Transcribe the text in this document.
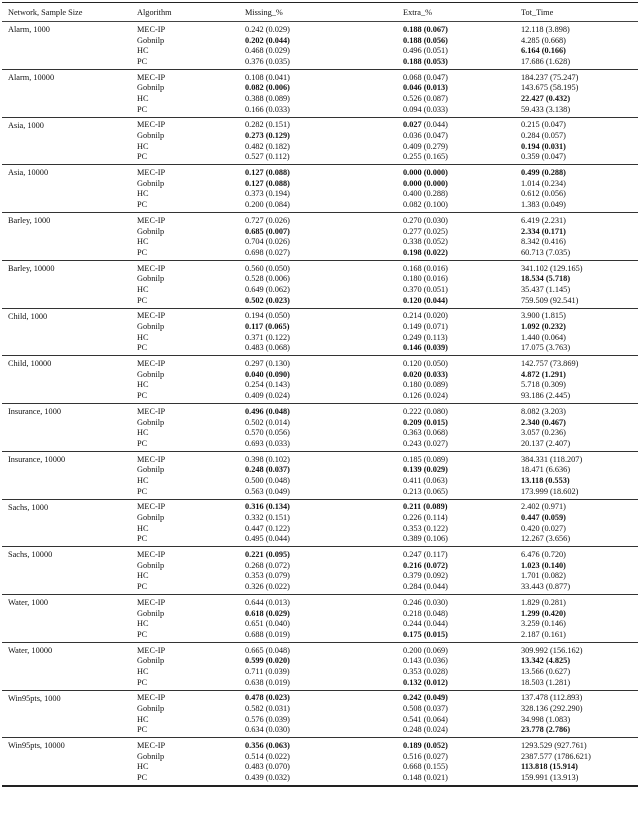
Network, Sample Size	Algorithm	Missing_%	Extra_%	Tot_Time
Alarm, 1000	MEC-IP	0.242 (0.029)	0.188 (0.067)	12.118 (3.898)
Gobnilp	0.202 (0.044)	0.188 (0.056)	4.285 (0.668)
HC	0.468 (0.029)	0.496 (0.051)	6.164 (0.166)
PC	0.376 (0.035)	0.188 (0.053)	17.686 (1.628)
Alarm, 10000	MEC-IP	0.108 (0.041)	0.068 (0.047)	184.237 (75.247)
Gobnilp	0.082 (0.006)	0.046 (0.013)	143.675 (58.195)
HC	0.388 (0.089)	0.526 (0.087)	22.427 (0.432)
PC	0.166 (0.033)	0.094 (0.033)	59.433 (3.138)
Asia, 1000	MEC-IP	0.282 (0.151)	0.027 (0.044)	0.215 (0.047)
Gobnilp	0.273 (0.129)	0.036 (0.047)	0.284 (0.057)
HC	0.482 (0.182)	0.409 (0.279)	0.194 (0.031)
PC	0.527 (0.112)	0.255 (0.165)	0.359 (0.047)
Asia, 10000	MEC-IP	0.127 (0.088)	0.000 (0.000)	0.499 (0.288)
Gobnilp	0.127 (0.088)	0.000 (0.000)	1.014 (0.234)
HC	0.373 (0.194)	0.400 (0.288)	0.612 (0.056)
PC	0.200 (0.084)	0.082 (0.100)	1.383 (0.049)
Barley, 1000	MEC-IP	0.727 (0.026)	0.270 (0.030)	6.419 (2.231)
Gobnilp	0.685 (0.007)	0.277 (0.025)	2.334 (0.171)
HC	0.704 (0.026)	0.338 (0.052)	8.342 (0.416)
PC	0.698 (0.027)	0.198 (0.022)	60.713 (7.035)
Barley, 10000	MEC-IP	0.560 (0.050)	0.168 (0.016)	341.102 (129.165)
Gobnilp	0.528 (0.006)	0.180 (0.016)	18.534 (5.718)
HC	0.649 (0.062)	0.370 (0.051)	35.437 (1.145)
PC	0.502 (0.023)	0.120 (0.044)	759.509 (92.541)
Child, 1000	MEC-IP	0.194 (0.050)	0.214 (0.020)	3.900 (1.815)
Gobnilp	0.117 (0.065)	0.149 (0.071)	1.092 (0.232)
HC	0.371 (0.122)	0.249 (0.113)	1.440 (0.064)
PC	0.483 (0.068)	0.146 (0.039)	17.075 (3.763)
Child, 10000	MEC-IP	0.297 (0.130)	0.120 (0.050)	142.757 (73.869)
Gobnilp	0.040 (0.090)	0.020 (0.033)	4.872 (1.291)
HC	0.254 (0.143)	0.180 (0.089)	5.718 (0.309)
PC	0.409 (0.024)	0.126 (0.024)	93.186 (2.445)
Insurance, 1000	MEC-IP	0.496 (0.048)	0.222 (0.080)	8.082 (3.203)
Gobnilp	0.502 (0.014)	0.209 (0.015)	2.340 (0.467)
HC	0.570 (0.056)	0.363 (0.068)	3.057 (0.236)
PC	0.693 (0.033)	0.243 (0.027)	20.137 (2.407)
Insurance, 10000	MEC-IP	0.398 (0.102)	0.185 (0.089)	384.331 (118.207)
Gobnilp	0.248 (0.037)	0.139 (0.029)	18.471 (6.636)
HC	0.500 (0.048)	0.411 (0.063)	13.118 (0.553)
PC	0.563 (0.049)	0.213 (0.065)	173.999 (18.602)
Sachs, 1000	MEC-IP	0.316 (0.134)	0.211 (0.089)	2.402 (0.971)
Gobnilp	0.332 (0.151)	0.226 (0.114)	0.447 (0.059)
HC	0.447 (0.122)	0.353 (0.122)	0.420 (0.027)
PC	0.495 (0.044)	0.389 (0.106)	12.267 (3.656)
Sachs, 10000	MEC-IP	0.221 (0.095)	0.247 (0.117)	6.476 (0.720)
Gobnilp	0.268 (0.072)	0.216 (0.072)	1.023 (0.140)
HC	0.353 (0.079)	0.379 (0.092)	1.701 (0.082)
PC	0.326 (0.022)	0.284 (0.044)	33.443 (0.877)
Water, 1000	MEC-IP	0.644 (0.013)	0.246 (0.030)	1.829 (0.281)
Gobnilp	0.618 (0.029)	0.218 (0.048)	1.299 (0.420)
HC	0.651 (0.040)	0.244 (0.044)	3.259 (0.146)
PC	0.688 (0.019)	0.175 (0.015)	2.187 (0.161)
Water, 10000	MEC-IP	0.665 (0.048)	0.200 (0.069)	309.992 (156.162)
Gobnilp	0.599 (0.020)	0.143 (0.036)	13.342 (4.825)
HC	0.711 (0.039)	0.353 (0.028)	13.566 (0.627)
PC	0.638 (0.019)	0.132 (0.012)	18.503 (1.281)
Win95pts, 1000	MEC-IP	0.478 (0.023)	0.242 (0.049)	137.478 (112.893)
Gobnilp	0.582 (0.031)	0.508 (0.037)	328.136 (292.290)
HC	0.576 (0.039)	0.541 (0.064)	34.998 (1.083)
PC	0.634 (0.030)	0.248 (0.024)	23.778 (2.786)
Win95pts, 10000	MEC-IP	0.356 (0.063)	0.189 (0.052)	1293.529 (927.761)
Gobnilp	0.514 (0.022)	0.516 (0.027)	2387.577 (1786.621)
HC	0.483 (0.070)	0.668 (0.155)	113.818 (15.914)
PC	0.439 (0.032)	0.148 (0.021)	159.991 (13.913)
